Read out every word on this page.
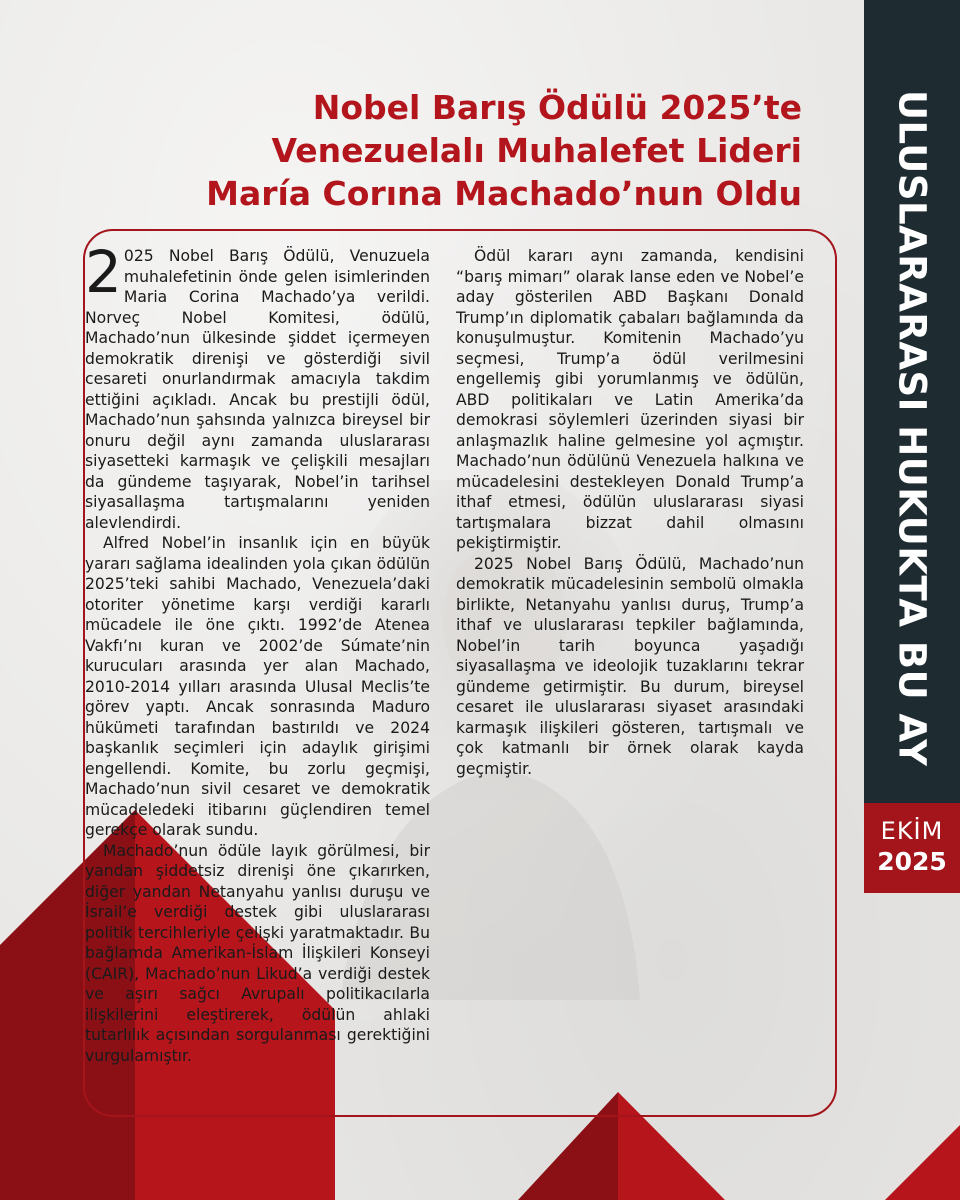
ULUSLARARASI HUKUKTA BU AY
EKİM
2025
Nobel Barış Ödülü 2025’te
Venezuelalı Muhalefet Lideri
María Corına Machado’nun Oldu

2 025 Nobel Barış Ödülü, Venuzuela muhalefetinin önde gelen isimlerinden Maria Corina Machado’ya verildi. Norveç Nobel Komitesi, ödülü, Machado’nun ülkesinde şiddet içermeyen demokratik direnişi ve gösterdiği sivil cesareti onurlandırmak amacıyla takdim ettiğini açıkladı. Ancak bu prestijli ödül, Machado’nun şahsında yalnızca bireysel bir onuru değil aynı zamanda uluslararası siyasetteki karmaşık ve çelişkili mesajları da gündeme taşıyarak, Nobel’in tarihsel siyasallaşma tartışmalarını yeniden alevlendirdi.

Alfred Nobel’in insanlık için en büyük yararı sağlama idealinden yola çıkan ödülün 2025’teki sahibi Machado, Venezuela’daki otoriter yönetime karşı verdiği kararlı mücadele ile öne çıktı. 1992’de Atenea Vakfı’nı kuran ve 2002’de Súmate’nin kurucuları arasında yer alan Machado, 2010-2014 yılları arasında Ulusal Meclis’te görev yaptı. Ancak sonrasında Maduro hükümeti tarafından bastırıldı ve 2024 başkanlık seçimleri için adaylık girişimi engellendi. Komite, bu zorlu geçmişi, Machado’nun sivil cesaret ve demokratik mücadeledeki itibarını güçlendiren temel gerekçe olarak sundu.

Machado’nun ödüle layık görülmesi, bir yandan şiddetsiz direnişi öne çıkarırken, diğer yandan Netanyahu yanlısı duruşu ve İsrail’e verdiği destek gibi uluslararası politik tercihleriyle çelişki yaratmaktadır. Bu bağlamda Amerikan-İslam İlişkileri Konseyi (CAIR), Machado’nun Likud’a verdiği destek ve aşırı sağcı Avrupalı politikacılarla ilişkilerini eleştirerek, ödülün ahlaki tutarlılık açısından sorgulanması gerektiğini vurgulamıştır.

Ödül kararı aynı zamanda, kendisini “barış mimarı” olarak lanse eden ve Nobel’e aday gösterilen ABD Başkanı Donald Trump’ın diplomatik çabaları bağlamında da konuşulmuştur. Komitenin Machado’yu seçmesi, Trump’a ödül verilmesini engellemiş gibi yorumlanmış ve ödülün, ABD politikaları ve Latin Amerika’da demokrasi söylemleri üzerinden siyasi bir anlaşmazlık haline gelmesine yol açmıştır. Machado’nun ödülünü Venezuela halkına ve mücadelesini destekleyen Donald Trump’a ithaf etmesi, ödülün uluslararası siyasi tartışmalara bizzat dahil olmasını pekiştirmiştir.

2025 Nobel Barış Ödülü, Machado’nun demokratik mücadelesinin sembolü olmakla birlikte, Netanyahu yanlısı duruş, Trump’a ithaf ve uluslararası tepkiler bağlamında, Nobel’in tarih boyunca yaşadığı siyasallaşma ve ideolojik tuzaklarını tekrar gündeme getirmiştir. Bu durum, bireysel cesaret ile uluslararası siyaset arasındaki karmaşık ilişkileri gösteren, tartışmalı ve çok katmanlı bir örnek olarak kayda geçmiştir.
